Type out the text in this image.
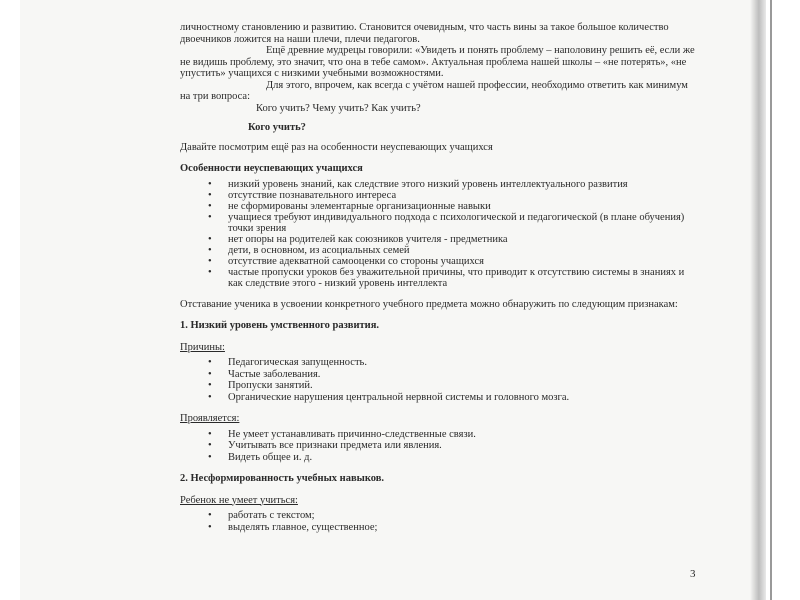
личностному становлению и развитию. Становится очевидным, что часть вины за такое большое количество двоечников ложится на наши плечи, плечи педагогов.

Ещё древние мудрецы говорили: «Увидеть и понять проблему – наполовину решить её, если же не видишь проблему, это значит, что она в тебе самом». Актуальная проблема нашей школы – «не потерять», «не упустить» учащихся с низкими учебными возможностями.

Для этого, впрочем, как всегда с учётом нашей профессии, необходимо ответить как минимум на три вопроса:

Кого учить? Чему учить? Как учить?

Кого учить?

Давайте посмотрим ещё раз на особенности неуспевающих учащихся

Особенности неуспевающих учащихся

• низкий уровень знаний, как следствие этого низкий уровень интеллектуального развития
• отсутствие познавательного интереса
• не сформированы элементарные организационные навыки
• учащиеся требуют индивидуального подхода с психологической и педагогической (в плане обучения) точки зрения
• нет опоры на родителей как союзников учителя - предметника
• дети, в основном, из асоциальных семей
• отсутствие адекватной самооценки со стороны учащихся
• частые пропуски уроков без уважительной причины, что приводит к отсутствию системы в знаниях и как следствие этого - низкий уровень интеллекта

Отставание ученика в усвоении конкретного учебного предмета можно обнаружить по следующим признакам:

1. Низкий уровень умственного развития.

Причины:

• Педагогическая запущенность.
• Частые заболевания.
• Пропуски занятий.
• Органические нарушения центральной нервной системы и головного мозга.

Проявляется:

• Не умеет устанавливать причинно-следственные связи.
• Учитывать все признаки предмета или явления.
• Видеть общее и. д.

2. Несформированность учебных навыков.

Ребенок не умеет учиться:

• работать с текстом;
• выделять главное, существенное;
3
